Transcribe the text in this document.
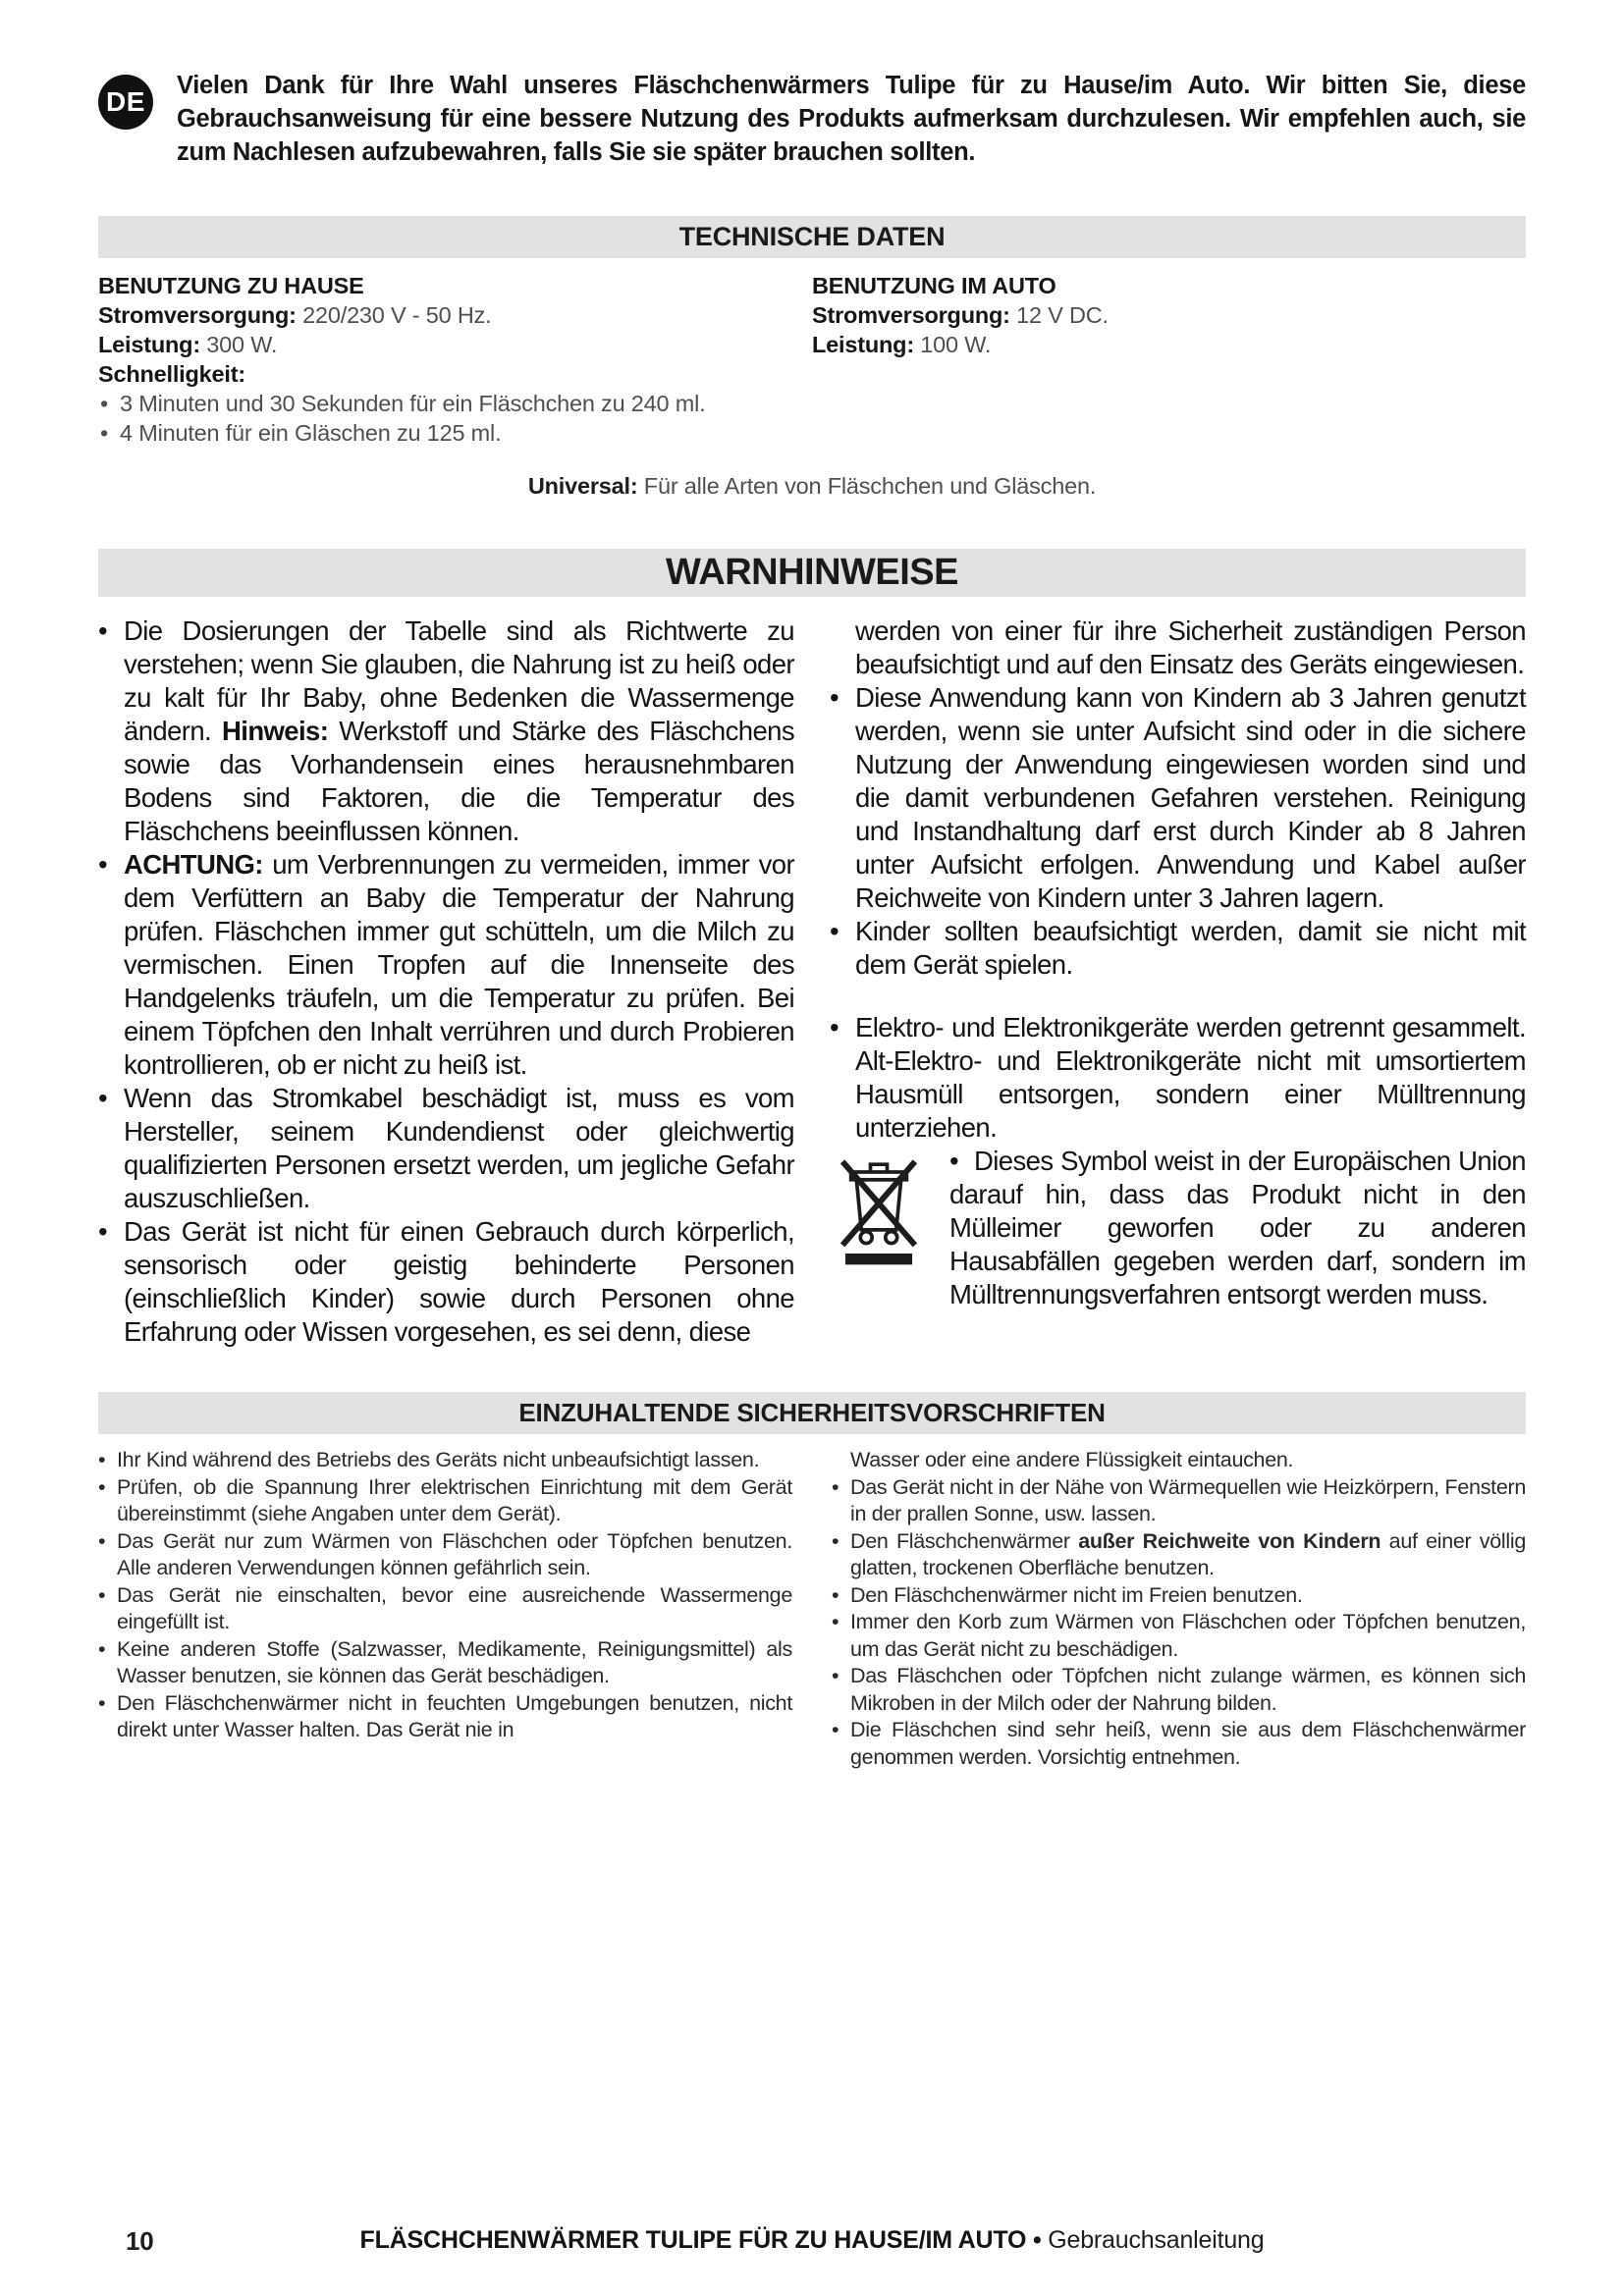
DE

Vielen Dank für Ihre Wahl unseres Fläschchenwärmers Tulipe für zu Hause/im Auto. Wir bitten Sie, diese Gebrauchsanweisung für eine bessere Nutzung des Produkts aufmerksam durchzulesen. Wir empfehlen auch, sie zum Nachlesen aufzubewahren, falls Sie sie später brauchen sollten.

TECHNISCHE DATEN
BENUTZUNG ZU HAUSE
Stromversorgung: 220/230 V - 50 Hz.
Leistung: 300 W.
Schnelligkeit:
• 3 Minuten und 30 Sekunden für ein Fläschchen zu 240 ml.
• 4 Minuten für ein Gläschen zu 125 ml.
BENUTZUNG IM AUTO
Stromversorgung: 12 V DC.
Leistung: 100 W.
Universal: Für alle Arten von Fläschchen und Gläschen.
WARNHINWEISE
• Die Dosierungen der Tabelle sind als Richtwerte zu verstehen; wenn Sie glauben, die Nahrung ist zu heiß oder zu kalt für Ihr Baby, ohne Bedenken die Wassermenge ändern. Hinweis: Werkstoff und Stärke des Fläschchens sowie das Vorhandensein eines herausnehmbaren Bodens sind Faktoren, die die Temperatur des Fläschchens beeinflussen können.
• ACHTUNG: um Verbrennungen zu vermeiden, immer vor dem Verfüttern an Baby die Temperatur der Nahrung prüfen. Fläschchen immer gut schütteln, um die Milch zu vermischen. Einen Tropfen auf die Innenseite des Handgelenks träufeln, um die Temperatur zu prüfen. Bei einem Töpfchen den Inhalt verrühren und durch Probieren kontrollieren, ob er nicht zu heiß ist.
• Wenn das Stromkabel beschädigt ist, muss es vom Hersteller, seinem Kundendienst oder gleichwertig qualifizierten Personen ersetzt werden, um jegliche Gefahr auszuschließen.
• Das Gerät ist nicht für einen Gebrauch durch körperlich, sensorisch oder geistig behinderte Personen (einschließlich Kinder) sowie durch Personen ohne Erfahrung oder Wissen vorgesehen, es sei denn, diese
werden von einer für ihre Sicherheit zuständigen Person beaufsichtigt und auf den Einsatz des Geräts eingewiesen.
• Diese Anwendung kann von Kindern ab 3 Jahren genutzt werden, wenn sie unter Aufsicht sind oder in die sichere Nutzung der Anwendung eingewiesen worden sind und die damit verbundenen Gefahren verstehen. Reinigung und Instandhaltung darf erst durch Kinder ab 8 Jahren unter Aufsicht erfolgen. Anwendung und Kabel außer Reichweite von Kindern unter 3 Jahren lagern.
• Kinder sollten beaufsichtigt werden, damit sie nicht mit dem Gerät spielen.
• Elektro- und Elektronikgeräte werden getrennt gesammelt. Alt-Elektro- und Elektronikgeräte nicht mit umsortiertem Hausmüll entsorgen, sondern einer Mülltrennung unterziehen.
• Dieses Symbol weist in der Europäischen Union darauf hin, dass das Produkt nicht in den Mülleimer geworfen oder zu anderen Hausabfällen gegeben werden darf, sondern im Mülltrennungsverfahren entsorgt werden muss.
EINZUHALTENDE SICHERHEITSVORSCHRIFTEN
• Ihr Kind während des Betriebs des Geräts nicht unbeaufsichtigt lassen.
• Prüfen, ob die Spannung Ihrer elektrischen Einrichtung mit dem Gerät übereinstimmt (siehe Angaben unter dem Gerät).
• Das Gerät nur zum Wärmen von Fläschchen oder Töpfchen benutzen. Alle anderen Verwendungen können gefährlich sein.
• Das Gerät nie einschalten, bevor eine ausreichende Wassermenge eingefüllt ist.
• Keine anderen Stoffe (Salzwasser, Medikamente, Reinigungsmittel) als Wasser benutzen, sie können das Gerät beschädigen.
• Den Fläschchenwärmer nicht in feuchten Umgebungen benutzen, nicht direkt unter Wasser halten. Das Gerät nie in
Wasser oder eine andere Flüssigkeit eintauchen.
• Das Gerät nicht in der Nähe von Wärmequellen wie Heizkörpern, Fenstern in der prallen Sonne, usw. lassen.
• Den Fläschchenwärmer außer Reichweite von Kindern auf einer völlig glatten, trockenen Oberfläche benutzen.
• Den Fläschchenwärmer nicht im Freien benutzen.
• Immer den Korb zum Wärmen von Fläschchen oder Töpfchen benutzen, um das Gerät nicht zu beschädigen.
• Das Fläschchen oder Töpfchen nicht zulange wärmen, es können sich Mikroben in der Milch oder der Nahrung bilden.
• Die Fläschchen sind sehr heiß, wenn sie aus dem Fläschchenwärmer genommen werden. Vorsichtig entnehmen.
10	FLÄSCHCHENWÄRMER TULIPE FÜR ZU HAUSE/IM AUTO • Gebrauchsanleitung
